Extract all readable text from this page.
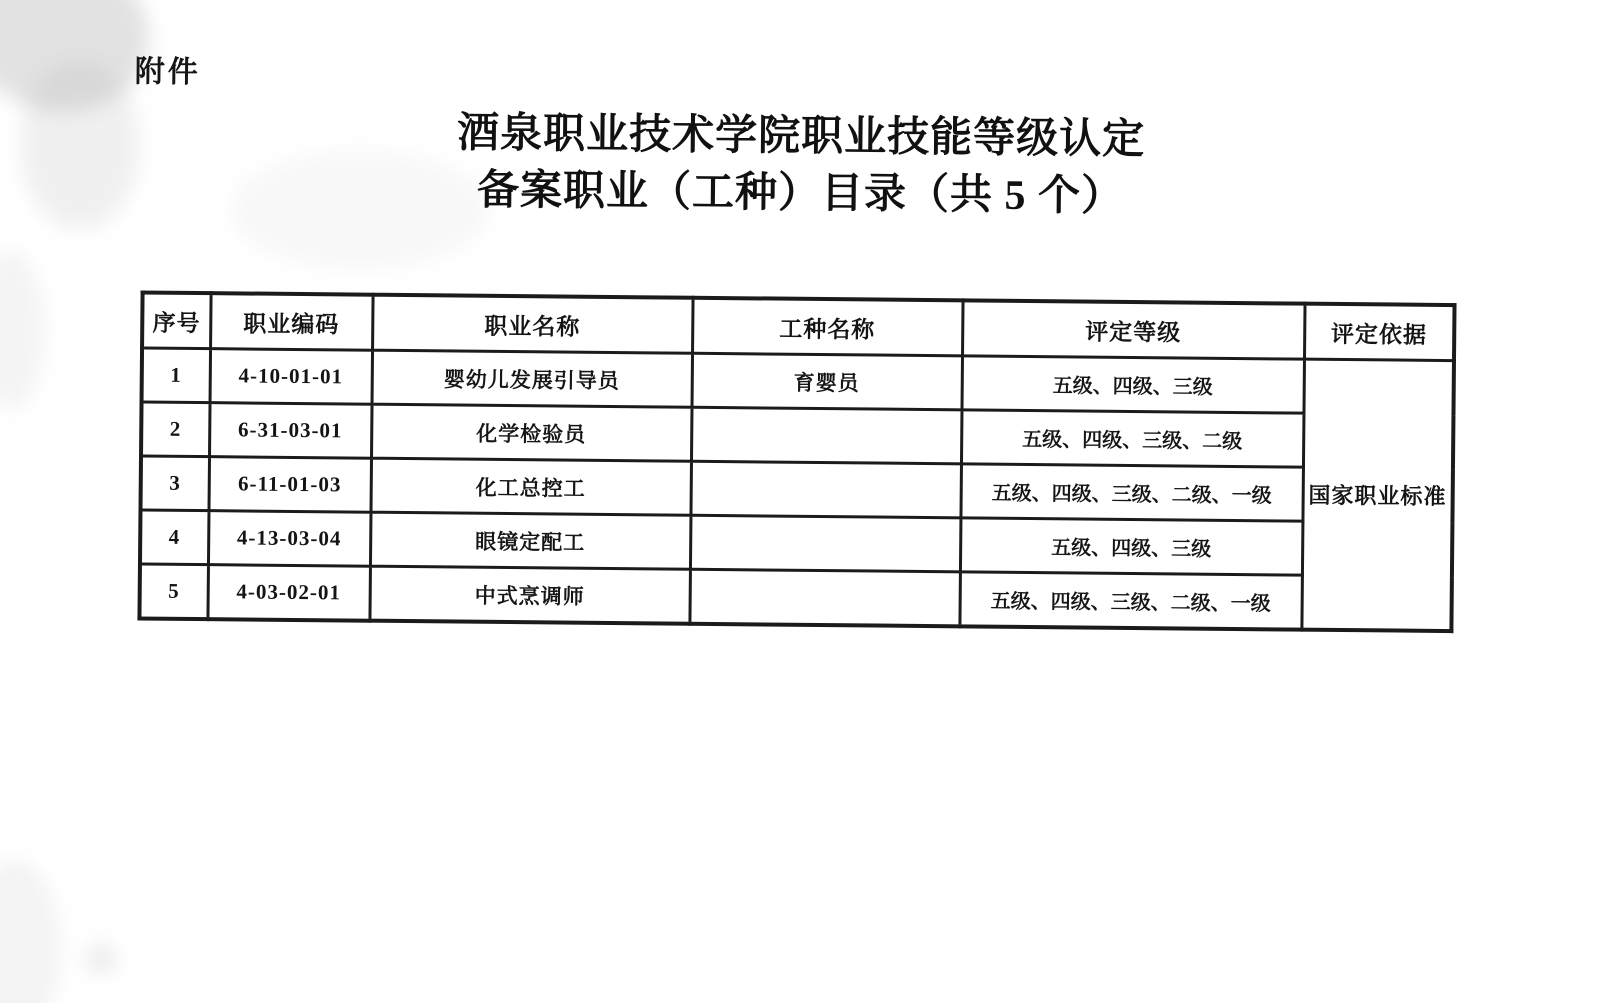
附件
酒泉职业技术学院职业技能等级认定
备案职业（工种）目录（共 5 个）
序号	职业编码	职业名称	工种名称	评定等级	评定依据
1	4-10-01-01	婴幼儿发展引导员	育婴员	五级、四级、三级	国家职业标准
2	6-31-03-01	化学检验员		五级、四级、三级、二级	
3	6-11-01-03	化工总控工		五级、四级、三级、二级、一级	
4	4-13-03-04	眼镜定配工		五级、四级、三级	
5	4-03-02-01	中式烹调师		五级、四级、三级、二级、一级	
